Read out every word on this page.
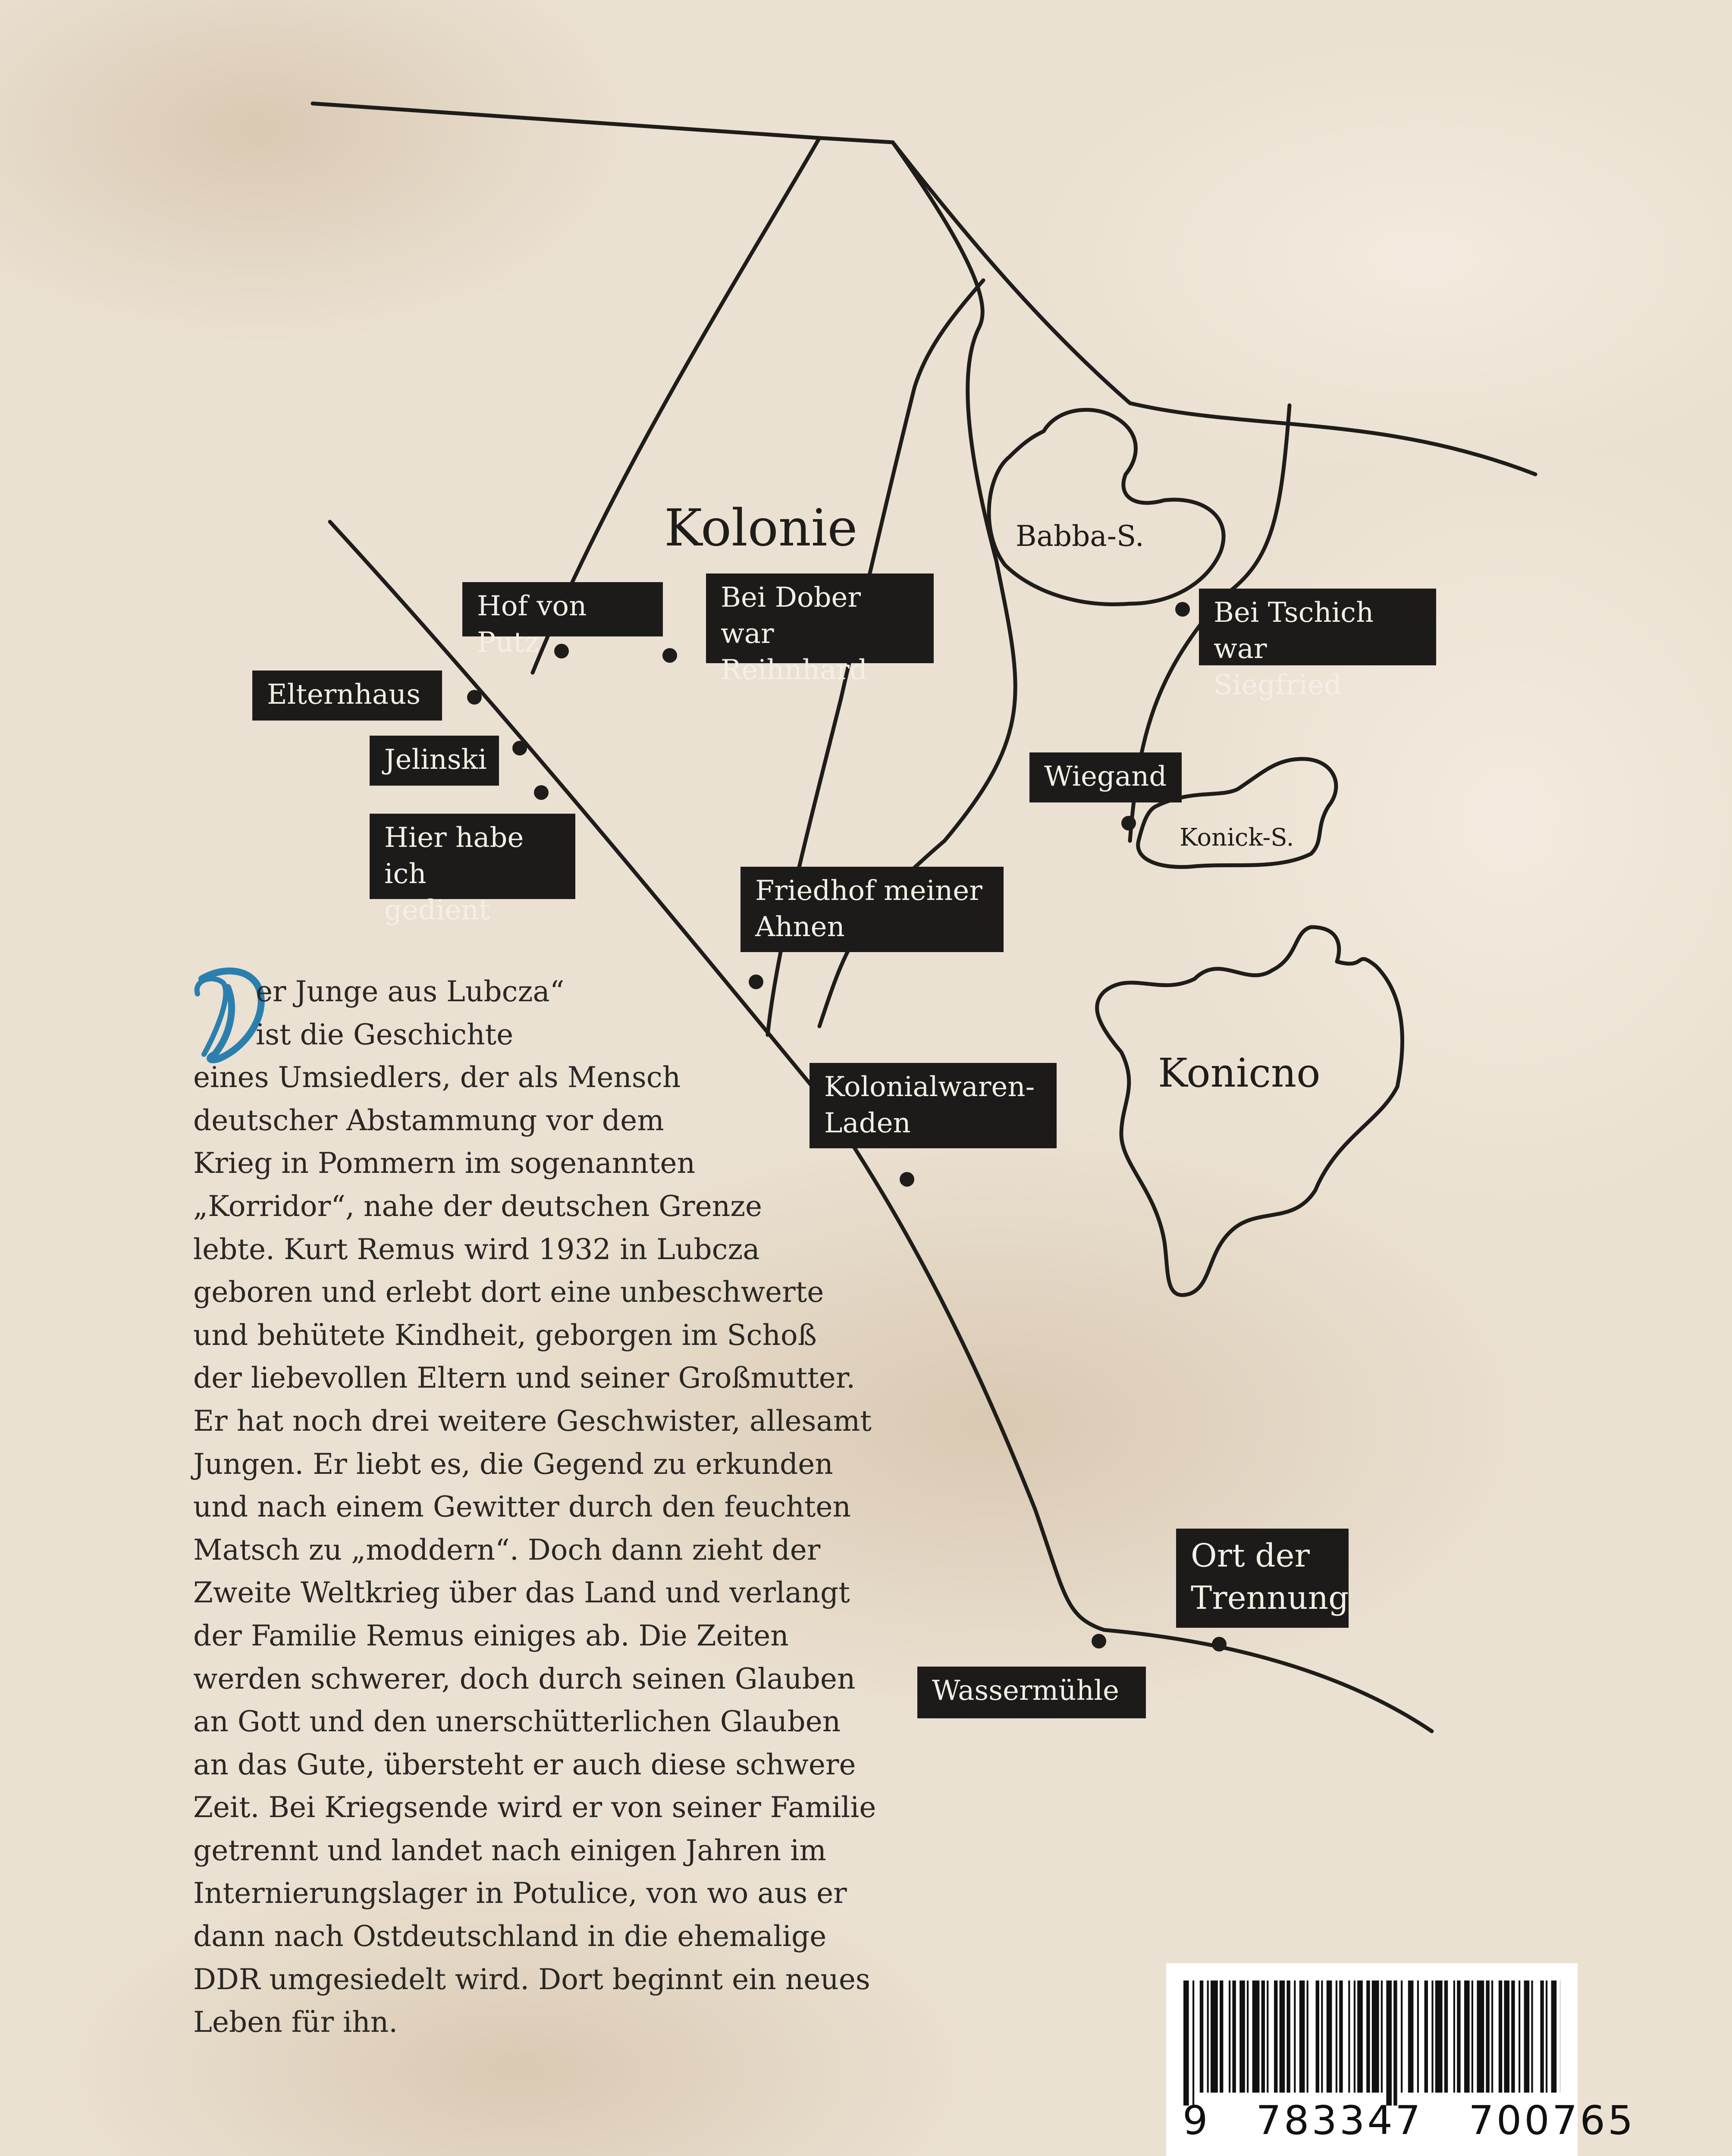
Kolonie
Konicno
Babba-S.
Konick-S.
Hof von Putz
Bei Dober war
Reihnhard
Elternhaus
Jelinski
Hier habe ich
gedient
Bei Tschich war
Siegfried
Wiegand
Friedhof meiner
Ahnen
Kolonialwaren-
Laden
Ort der
Trennung
Wassermühle
D

er Junge aus Lubcza“
ist die Geschichte
eines Umsiedlers, der als Mensch
deutscher Abstammung vor dem
Krieg in Pommern im sogenannten
„Korridor“, nahe der deutschen Grenze
lebte. Kurt Remus wird 1932 in Lubcza
geboren und erlebt dort eine unbeschwerte
und behütete Kindheit, geborgen im Schoß
der liebevollen Eltern und seiner Großmutter.
Er hat noch drei weitere Geschwister, allesamt
Jungen. Er liebt es, die Gegend zu erkunden
und nach einem Gewitter durch den feuchten
Matsch zu „moddern“. Doch dann zieht der
Zweite Weltkrieg über das Land und verlangt
der Familie Remus einiges ab. Die Zeiten
werden schwerer, doch durch seinen Glauben
an Gott und den unerschütterlichen Glauben
an das Gute, übersteht er auch diese schwere
Zeit. Bei Kriegsende wird er von seiner Familie
getrennt und landet nach einigen Jahren im
Internierungslager in Potulice, von wo aus er
dann nach Ostdeutschland in die ehemalige
DDR umgesiedelt wird. Dort beginnt ein neues
Leben für ihn.

9 783347 700765
